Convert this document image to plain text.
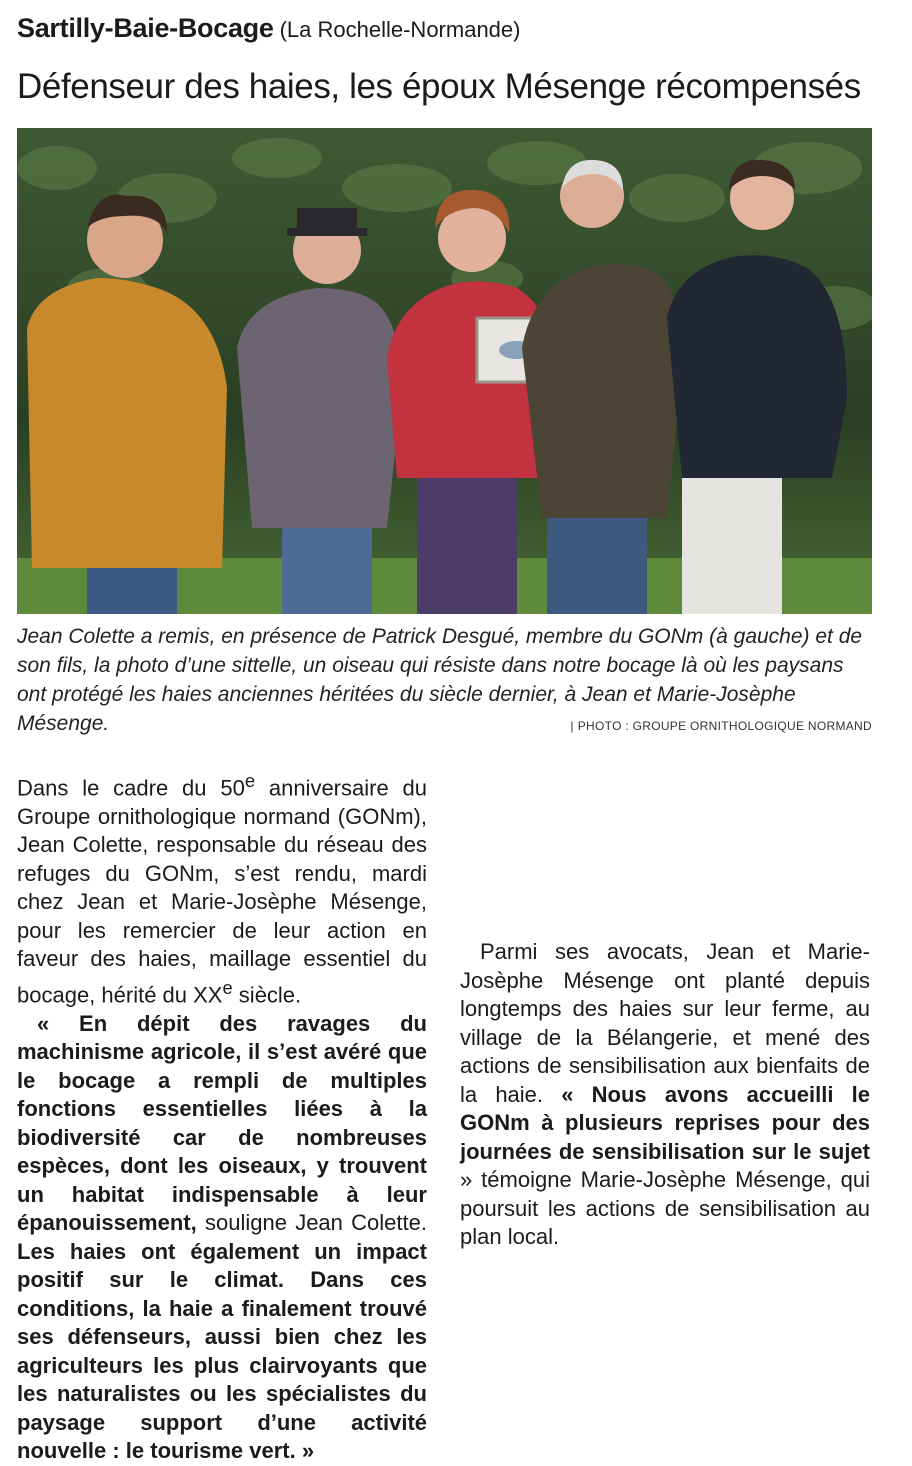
Sartilly-Baie-Bocage (La Rochelle-Normande)
Défenseur des haies, les époux Mésenge récompensés

Jean Colette a remis, en présence de Patrick Desgué, membre du GONm (à gauche) et de son fils, la photo d’une sittelle, un oiseau qui résiste dans notre bocage là où les paysans ont protégé les haies anciennes héritées du siècle dernier, à Jean et Marie-Josèphe Mésenge.	| PHOTO : GROUPE ORNITHOLOGIQUE NORMAND

Dans le cadre du 50e anniversaire du Groupe ornithologique normand (GONm), Jean Colette, responsable du réseau des refuges du GONm, s’est rendu, mardi chez Jean et Marie-Josèphe Mésenge, pour les remercier de leur action en faveur des haies, maillage essentiel du bocage, hérité du XXe siècle.

« En dépit des ravages du machinisme agricole, il s’est avéré que le bocage a rempli de multiples fonctions essentielles liées à la biodiversité car de nombreuses espèces, dont les oiseaux, y trouvent un habitat indispensable à leur épanouissement, souligne Jean Colette. Les haies ont également un impact positif sur le climat. Dans ces conditions, la haie a finalement trouvé ses défenseurs, aussi bien chez les agriculteurs les plus clairvoyants que les naturalistes ou les spécialistes du paysage support d’une activité nouvelle : le tourisme vert. »

Parmi ses avocats, Jean et Marie-Josèphe Mésenge ont planté depuis longtemps des haies sur leur ferme, au village de la Bélangerie, et mené des actions de sensibilisation aux bienfaits de la haie. « Nous avons accueilli le GONm à plusieurs reprises pour des journées de sensibilisation sur le sujet » témoigne Marie-Josèphe Mésenge, qui poursuit les actions de sensibilisation au plan local.
